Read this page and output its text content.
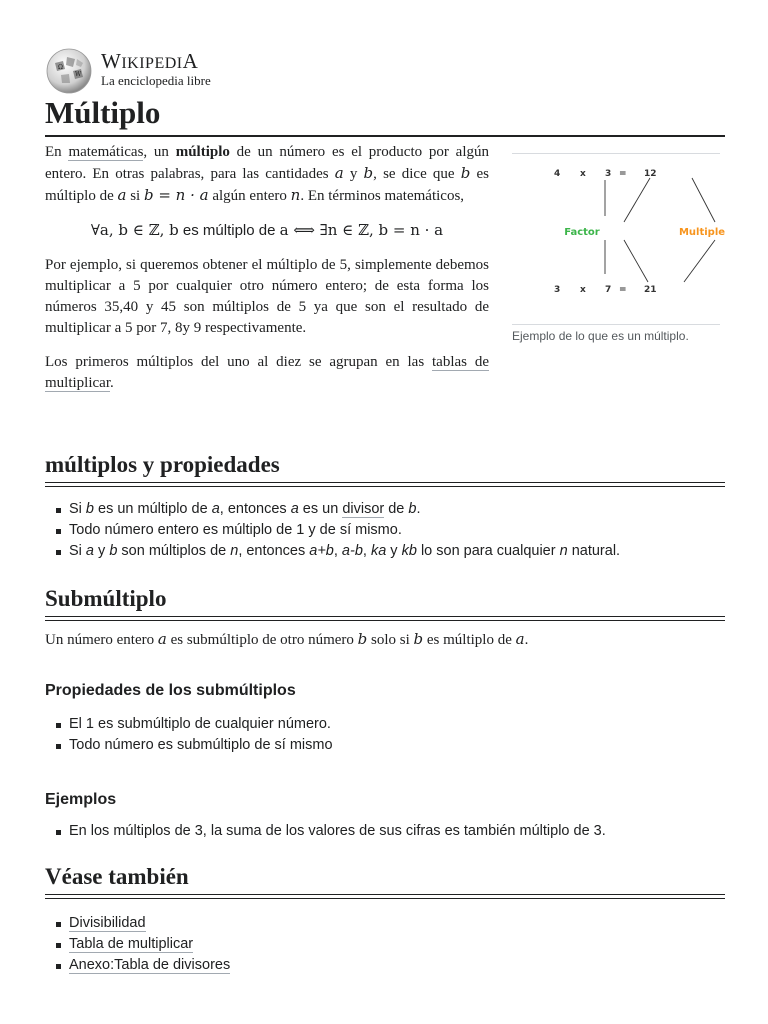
Ω
W
WIKIPEDIA
La enciclopedia libre
Múltiplo

En matemáticas, un múltiplo de un número es el producto por algún entero. En otras palabras, para las cantidades a y b, se dice que b es múltiplo de a si b = n · a algún entero n. En términos matemáticos,

∀a, b ∈ ℤ, b es múltiplo de a ⟺ ∃n ∈ ℤ, b = n · a

Por ejemplo, si queremos obtener el múltiplo de 5, simplemente debemos multiplicar a 5 por cualquier otro número entero; de esta forma los números 35,40 y 45 son múltiplos de 5 ya que son el resultado de multiplicar a 5 por 7, 8y 9 respectivamente.

Los primeros múltiplos del uno al diez se agrupan en las tablas de multiplicar.

4 x 3 = 12
3 x 7 = 21
Factor	Multiple
Ejemplo de lo que es un múltiplo.
múltiplos y propiedades
Si b es un múltiplo de a, entonces a es un divisor de b.
Todo número entero es múltiplo de 1 y de sí mismo.
Si a y b son múltiplos de n, entonces a+b, a-b, ka y kb lo son para cualquier n natural.
Submúltiplo
Un número entero a es submúltiplo de otro número b solo si b es múltiplo de a.
Propiedades de los submúltiplos
El 1 es submúltiplo de cualquier número.
Todo número es submúltiplo de sí mismo
Ejemplos
En los múltiplos de 3, la suma de los valores de sus cifras es también múltiplo de 3.
Véase también
Divisibilidad
Tabla de multiplicar
Anexo:Tabla de divisores
